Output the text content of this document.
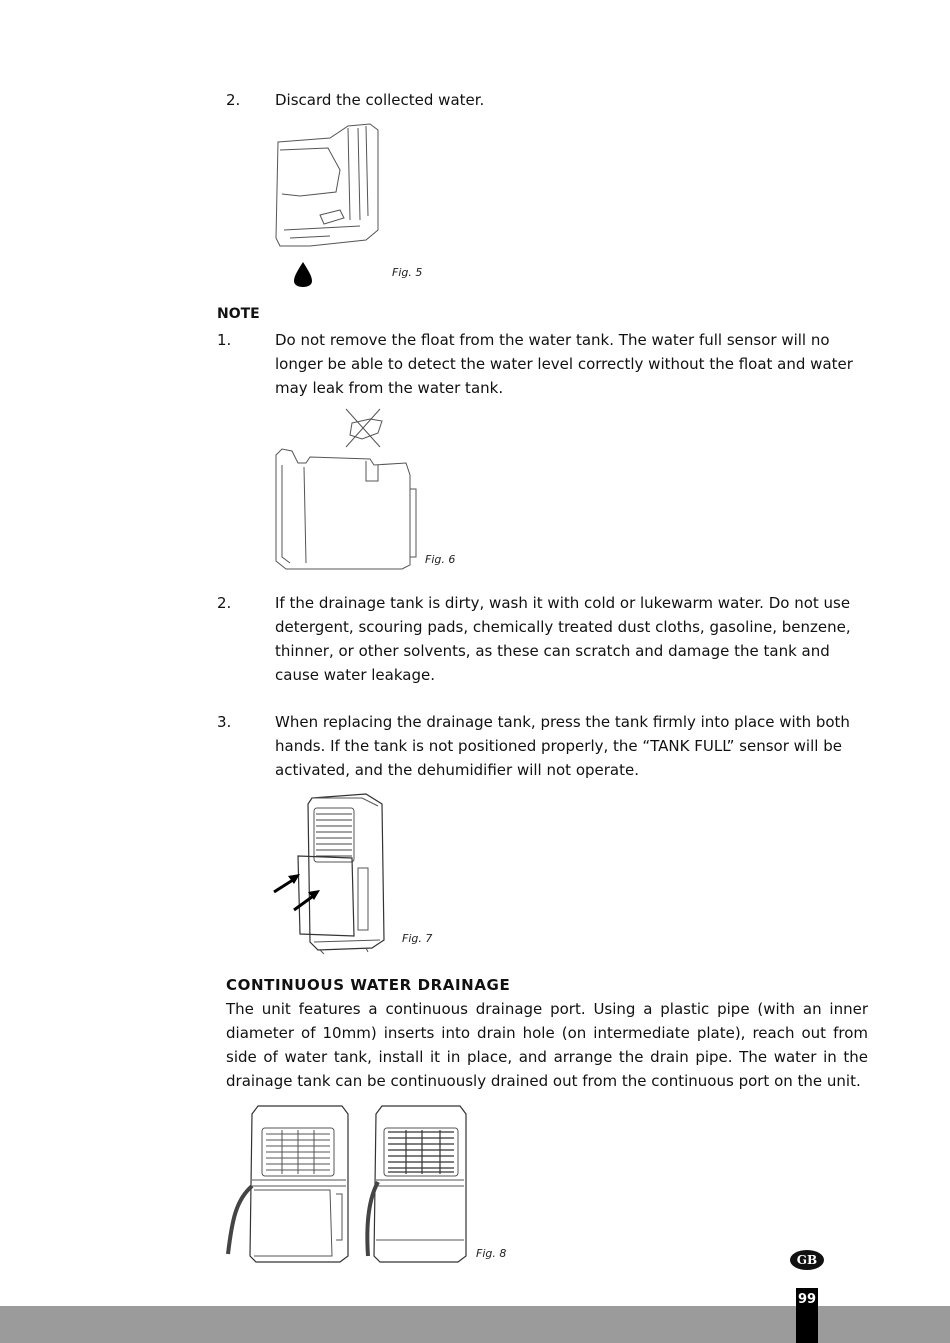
2.	Discard the collected water.
Fig. 5
NOTE
1.	Do not remove the float from the water tank. The water full sensor will no longer be able to detect the water level correctly without the float and water may leak from the water tank.
Fig. 6
2.	If the drainage tank is dirty, wash it with cold or lukewarm water. Do not use detergent, scouring pads, chemically treated dust cloths, gasoline, benzene, thinner, or other solvents, as these can scratch and damage the tank and cause water leakage.
3.	When replacing the drainage tank, press the tank firmly into place with both hands. If the tank is not positioned properly, the “TANK FULL” sensor will be activated, and the dehumidifier will not operate.
Fig. 7
CONTINUOUS WATER DRAINAGE
The unit features a continuous drainage port. Using a plastic pipe (with an inner diameter of 10mm) inserts into drain hole (on intermediate plate), reach out from side of water tank, install it in place, and arrange the drain pipe. The water in the drainage tank can be continuously drained out from the continuous port on the unit.
Fig. 8	GB
99
